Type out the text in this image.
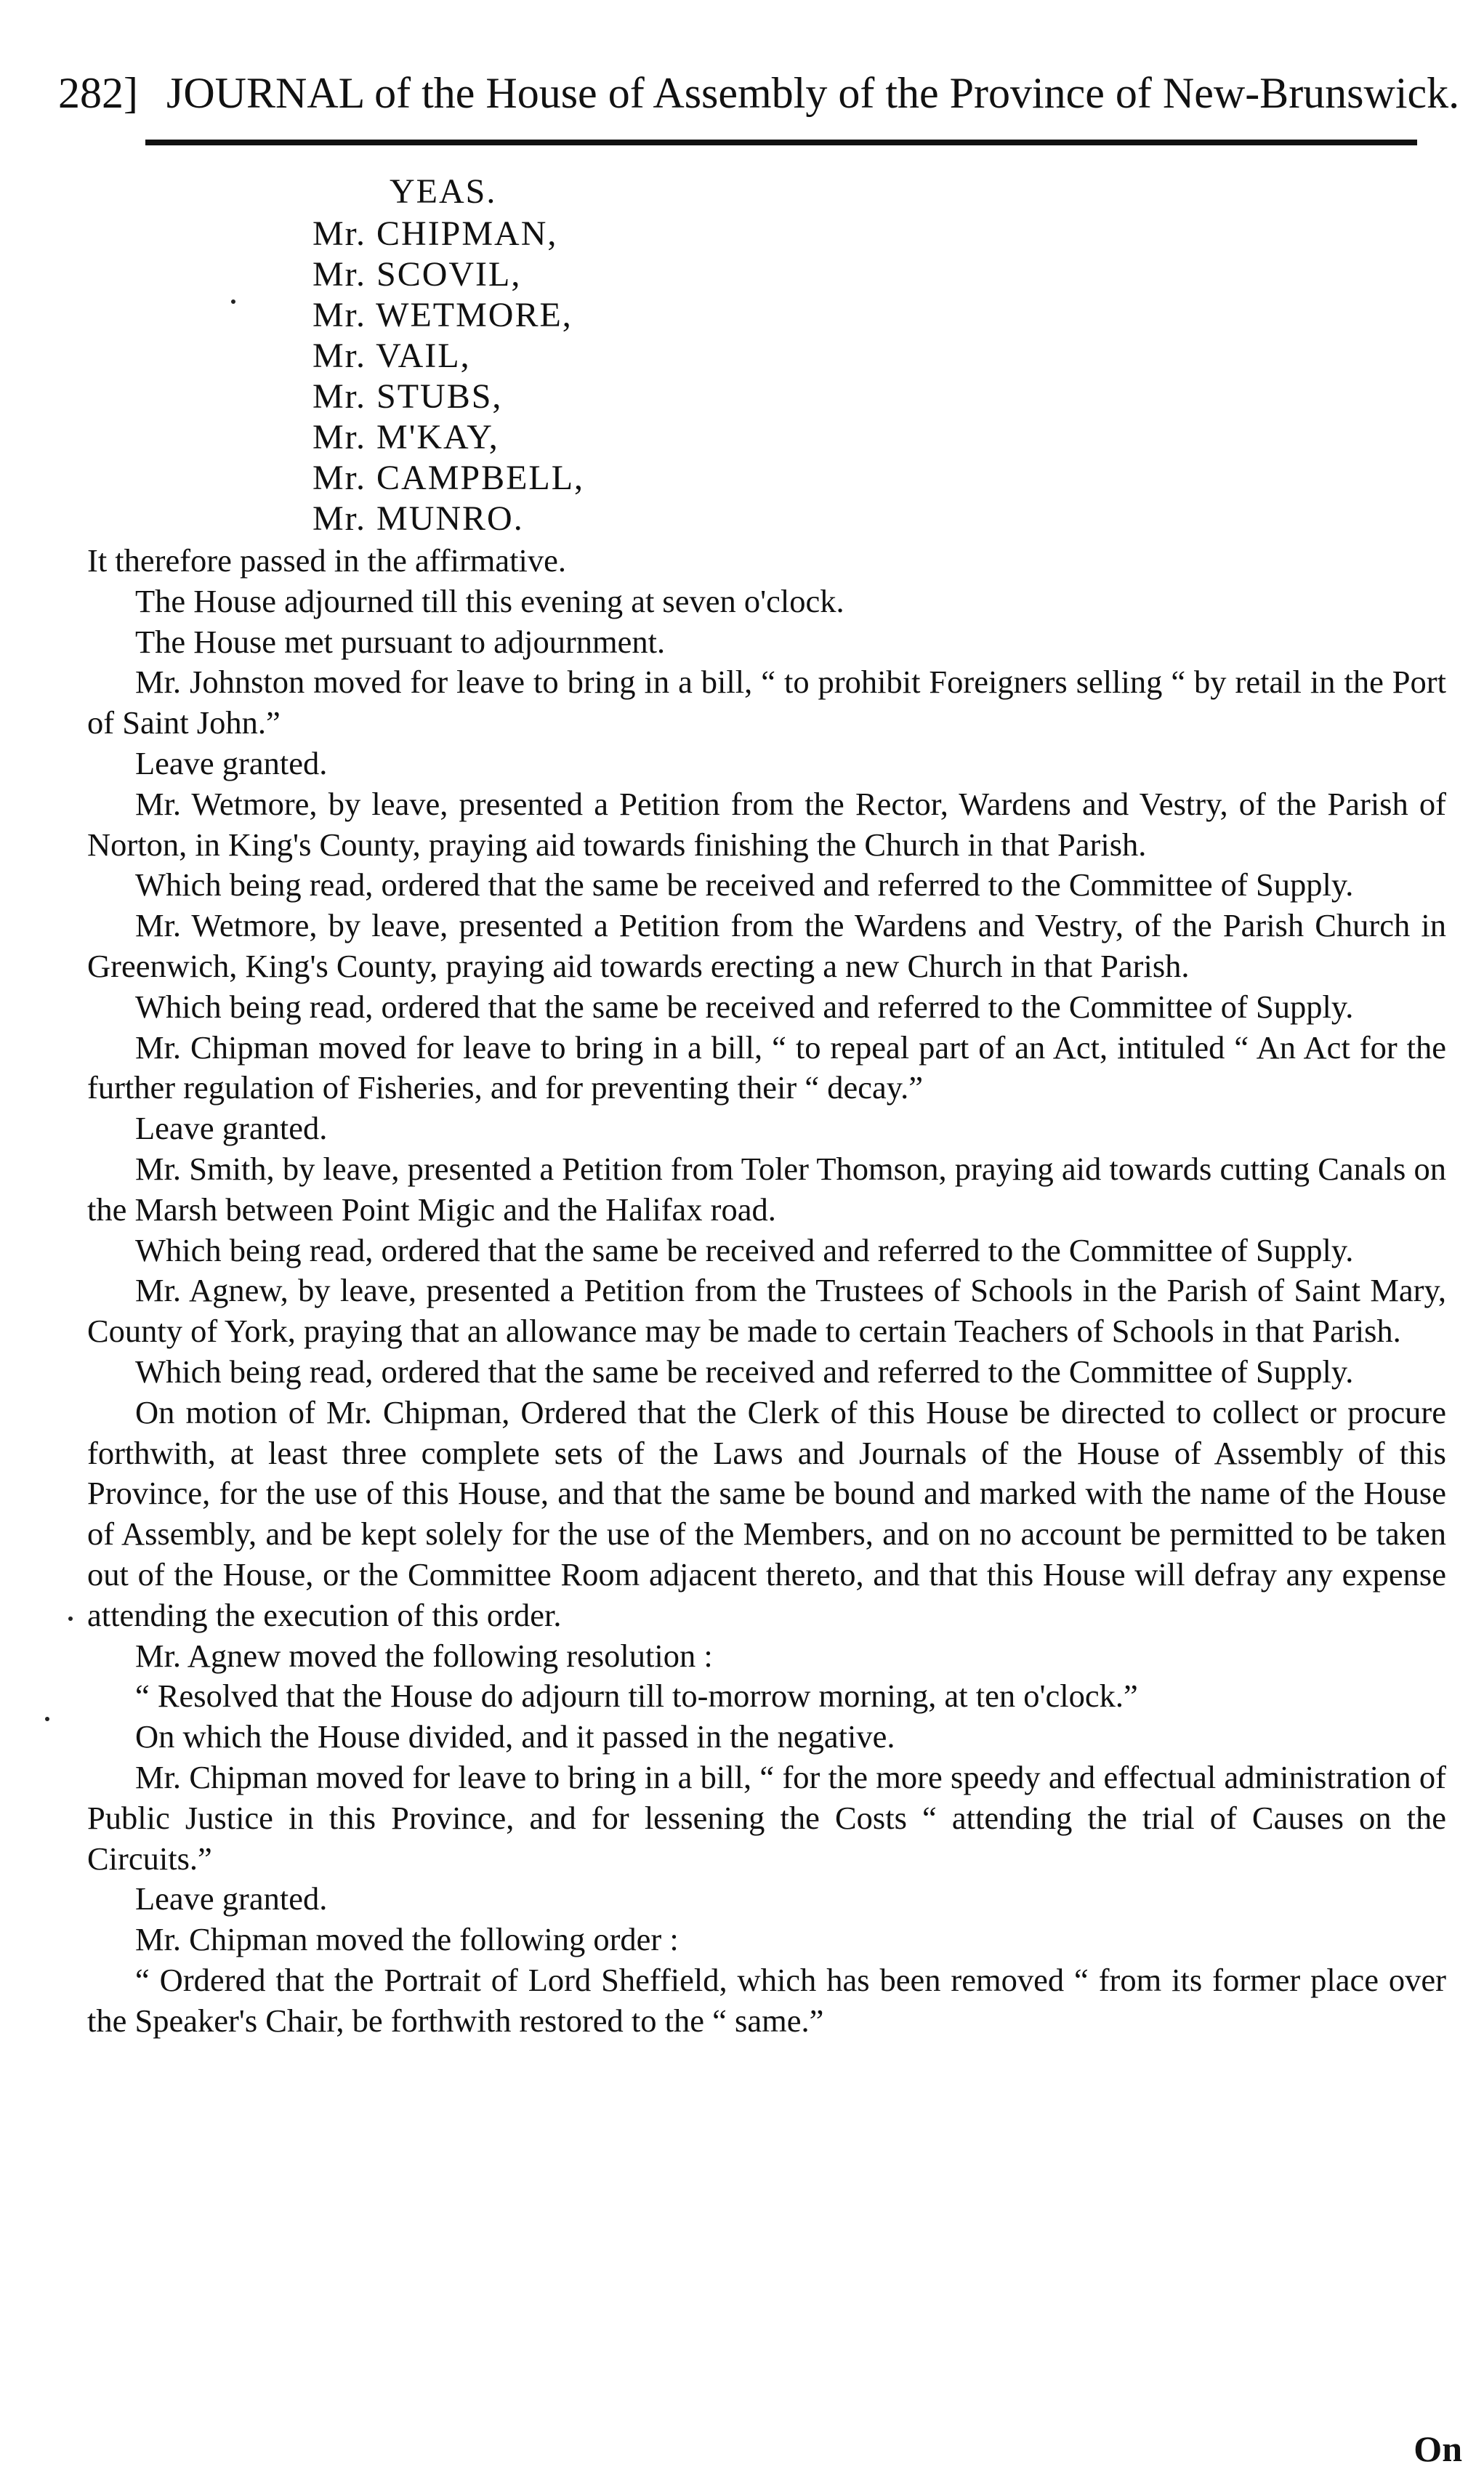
282] JOURNAL of the House of Assembly of the Province of New-Brunswick.
YEAS.
Mr. CHIPMAN,
Mr. SCOVIL,
Mr. WETMORE,
Mr. VAIL,
Mr. STUBS,
Mr. M'KAY,
Mr. CAMPBELL,
Mr. MUNRO.

It therefore passed in the affirmative.

The House adjourned till this evening at seven o'clock.

The House met pursuant to adjournment.

Mr. Johnston moved for leave to bring in a bill, “ to prohibit Foreigners selling “ by retail in the Port of Saint John.”

Leave granted.

Mr. Wetmore, by leave, presented a Petition from the Rector, Wardens and Vestry, of the Parish of Norton, in King's County, praying aid towards finishing the Church in that Parish.

Which being read, ordered that the same be received and referred to the Committee of Supply.

Mr. Wetmore, by leave, presented a Petition from the Wardens and Vestry, of the Parish Church in Greenwich, King's County, praying aid towards erecting a new Church in that Parish.

Which being read, ordered that the same be received and referred to the Committee of Supply.

Mr. Chipman moved for leave to bring in a bill, “ to repeal part of an Act, intituled “ An Act for the further regulation of Fisheries, and for preventing their “ decay.”

Leave granted.

Mr. Smith, by leave, presented a Petition from Toler Thomson, praying aid towards cutting Canals on the Marsh between Point Migic and the Halifax road.

Which being read, ordered that the same be received and referred to the Committee of Supply.

Mr. Agnew, by leave, presented a Petition from the Trustees of Schools in the Parish of Saint Mary, County of York, praying that an allowance may be made to certain Teachers of Schools in that Parish.

Which being read, ordered that the same be received and referred to the Committee of Supply.

On motion of Mr. Chipman, Ordered that the Clerk of this House be directed to collect or procure forthwith, at least three complete sets of the Laws and Journals of the House of Assembly of this Province, for the use of this House, and that the same be bound and marked with the name of the House of Assembly, and be kept solely for the use of the Members, and on no account be permitted to be taken out of the House, or the Committee Room adjacent thereto, and that this House will defray any expense attending the execution of this order.

Mr. Agnew moved the following resolution :

“ Resolved that the House do adjourn till to-morrow morning, at ten o'clock.”

On which the House divided, and it passed in the negative.

Mr. Chipman moved for leave to bring in a bill, “ for the more speedy and effectual administration of Public Justice in this Province, and for lessening the Costs “ attending the trial of Causes on the Circuits.”

Leave granted.

Mr. Chipman moved the following order :

“ Ordered that the Portrait of Lord Sheffield, which has been removed “ from its former place over the Speaker's Chair, be forthwith restored to the “ same.”

On
